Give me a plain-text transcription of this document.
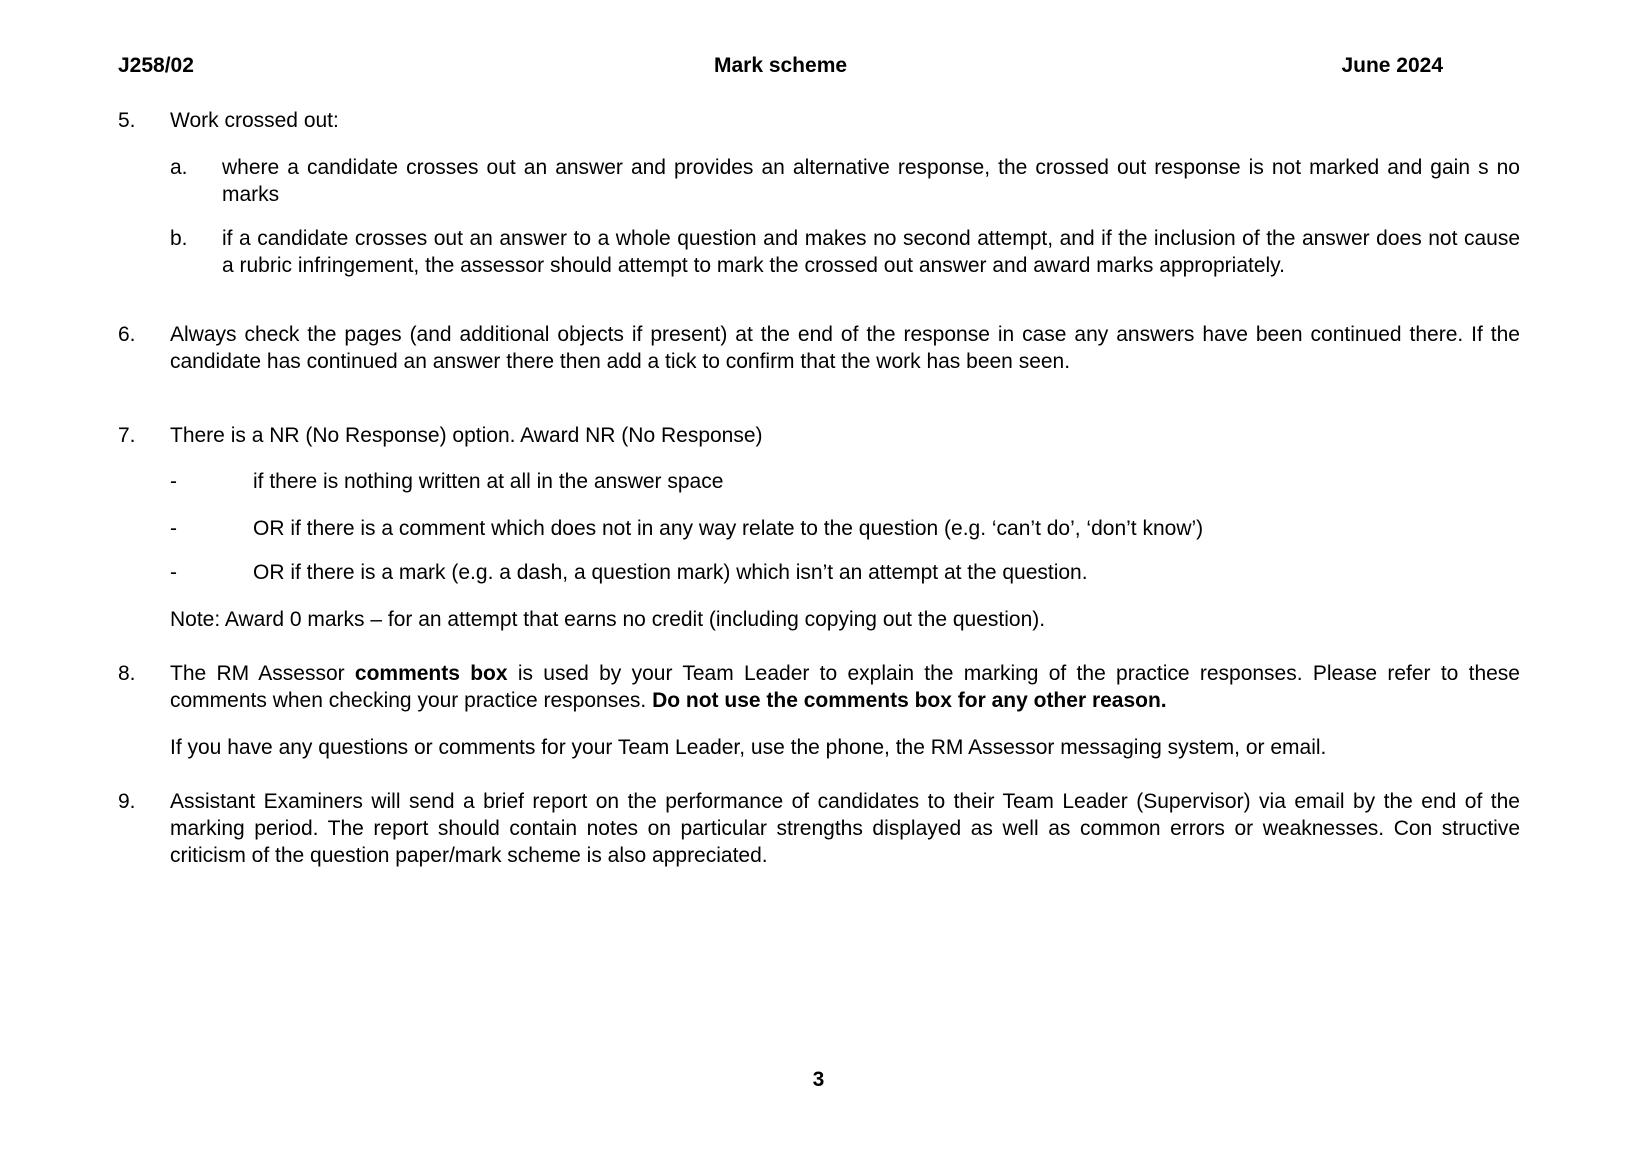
J258/02	Mark scheme	June 2024
5.	Work crossed out:
a.	where a candidate crosses out an answer and provides an alternative response, the crossed out response is not marked and gain s no marks
b.	if a candidate crosses out an answer to a whole question and makes no second attempt, and if the inclusion of the answer does not cause a rubric infringement, the assessor should attempt to mark the crossed out answer and award marks appropriately.
6.	Always check the pages (and additional objects if present) at the end of the response in case any answers have been continued there. If the candidate has continued an answer there then add a tick to confirm that the work has been seen.
7.	There is a NR (No Response) option. Award NR (No Response)
-	if there is nothing written at all in the answer space
-	OR if there is a comment which does not in any way relate to the question (e.g. ‘can’t do’, ‘don’t know’)
-	OR if there is a mark (e.g. a dash, a question mark) which isn’t an attempt at the question.
Note: Award 0 marks – for an attempt that earns no credit (including copying out the question).
8.	The RM Assessor comments box is used by your Team Leader to explain the marking of the practice responses. Please refer to these comments when checking your practice responses. Do not use the comments box for any other reason.
If you have any questions or comments for your Team Leader, use the phone, the RM Assessor messaging system, or email.
9.	Assistant Examiners will send a brief report on the performance of candidates to their Team Leader (Supervisor) via email by the end of the marking period. The report should contain notes on particular strengths displayed as well as common errors or weaknesses. Con structive criticism of the question paper/mark scheme is also appreciated.
3
